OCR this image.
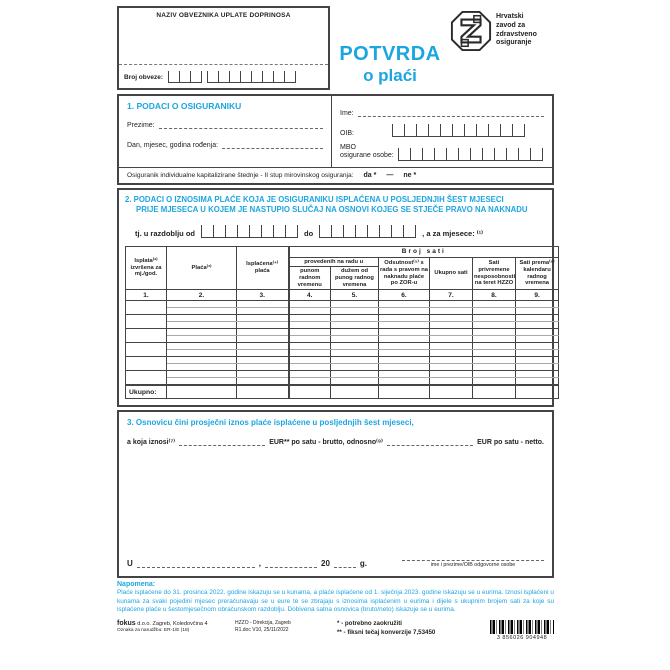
NAZIV OBVEZNIKA UPLATE DOPRINOSA
Broj obveze:
POTVRDA
o plaći
Hrvatski
zavod za
zdravstveno
osiguranje
1. PODACI O OSIGURANIKU
Prezime:
Dan, mjesec, godina rođenja:
Ime:
OIB:
MBO
osigurane osobe:
Osiguranik individualne kapitalizirane štednje - II stup mirovinskog osiguranja: da * — ne *
2. PODACI O IZNOSIMA PLAĆE KOJA JE OSIGURANIKU ISPLAĆENA U POSLJEDNJIH ŠEST MJESECI
PRIJE MJESECA U KOJEM JE NASTUPIO SLUČAJ NA OSNOVI KOJEG SE STJEČE PRAVO NA NAKNADU
tj. u razdoblju od	do	, a za mjesece: ⁽¹⁾
Isplata⁽²⁾ izvršena za mj./god.	Plaća⁽³⁾	Isplaćena⁽⁴⁾ plaća	Broj sati					
			provedenih na radu u		Odsutnost⁽⁵⁾ s rada s pravom na naknadu plaće po ZOR-u	Ukupno sati	Sati privremene nesposobnosti na teret HZZO	Sati prema⁽⁶⁾ kalendaru radnog vremena
			punom radnom vremenu	dužem od punog radnog vremena				
1.	2.	3.	4.	5.	6.	7.	8.	9.

Ukupno:								
3. Osnovicu čini prosječni iznos plaće isplaćene u posljednjih šest mjeseci,
a koja iznosi⁽⁷⁾	EUR** po satu - brutto, odnosno⁽⁸⁾	EUR po satu - netto.
U	,	20	g.	ime i prezime/OIB odgovorne osobe
Napomena:
Plaće isplaćene do 31. prosinca 2022. godine iskazuju se u kunama, a plaće isplaćene od 1. siječnja 2023. godine iskazuju se u eurima. Iznosi isplaćeni u kunama za svaki pojedini mjesec preračunavaju se u eure te se zbrajaju s iznosima isplaćenim u eurima i dijele s ukupnim brojem sati za koje su isplaćene plaće u šestomjesečnom obračunskom razdoblju. Dobivena satna osnovica (bruto/neto) iskazuje se u eurima.
fokus d.o.o. Zagreb, Koledovčina 4
Oznaka za narudžbu: ER-1/E (18)
HZZO - Direkcija, Zagreb
R1.doc V10, 25/11/2022
* - potrebno zaokružiti
** - fiksni tečaj konverzije 7,53450
3 856026 904948
